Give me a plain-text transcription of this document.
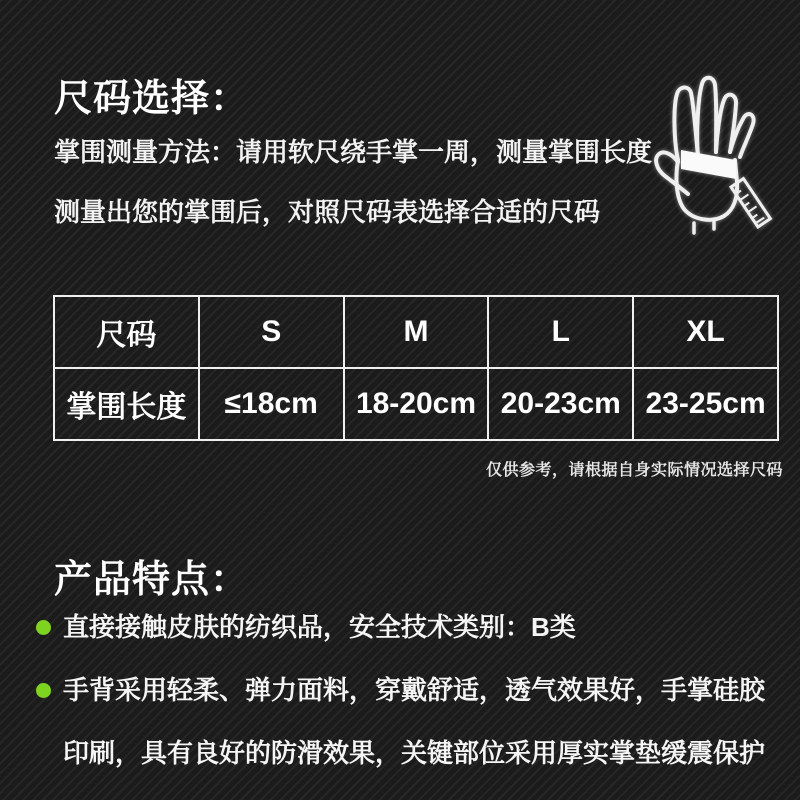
尺码选择：

掌围测量方法：请用软尺绕手掌一周，测量掌围长度

测量出您的掌围后，对照尺码表选择合适的尺码

尺码	S	M	L	XL
掌围长度	≤18cm	18-20cm	20-23cm	23-25cm
仅供参考，请根据自身实际情况选择尺码
产品特点：
直接接触皮肤的纺织品，安全技术类别：B类
手背采用轻柔、弹力面料，穿戴舒适，透气效果好，手掌硅胶印刷，具有良好的防滑效果，关键部位采用厚实掌垫缓震保护
